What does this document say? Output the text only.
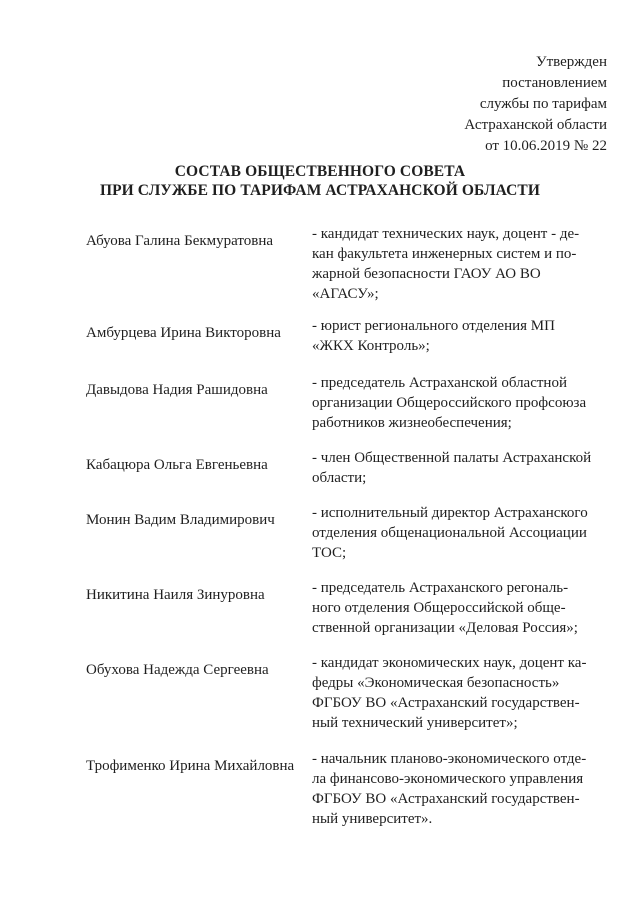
Утвержден
постановлением
службы по тарифам
Астраханской области
от 10.06.2019 № 22
СОСТАВ ОБЩЕСТВЕННОГО СОВЕТА
ПРИ СЛУЖБЕ ПО ТАРИФАМ АСТРАХАНСКОЙ ОБЛАСТИ
Абуова Галина Бекмуратовна	- кандидат технических наук, доцент - де-
кан факультета инженерных систем и по-
жарной безопасности ГАОУ АО ВО
«АГАСУ»;
Амбурцева Ирина Викторовна	- юрист регионального отделения МП
«ЖКХ Контроль»;
Давыдова Надия Рашидовна	- председатель Астраханской областной
организации Общероссийского профсоюза
работников жизнеобеспечения;
Кабацюра Ольга Евгеньевна	- член Общественной палаты Астраханской
области;
Монин Вадим Владимирович	- исполнительный директор Астраханского
отделения общенациональной Ассоциации
ТОС;
Никитина Наиля Зинуровна	- председатель Астраханского регональ-
ного отделения Общероссийской обще-
ственной организации «Деловая Россия»;
Обухова Надежда Сергеевна	- кандидат экономических наук, доцент ка-
федры «Экономическая безопасность»
ФГБОУ ВО «Астраханский государствен-
ный технический университет»;
Трофименко Ирина Михайловна	- начальник планово-экономического отде-
ла финансово-экономического управления
ФГБОУ ВО «Астраханский государствен-
ный университет».
